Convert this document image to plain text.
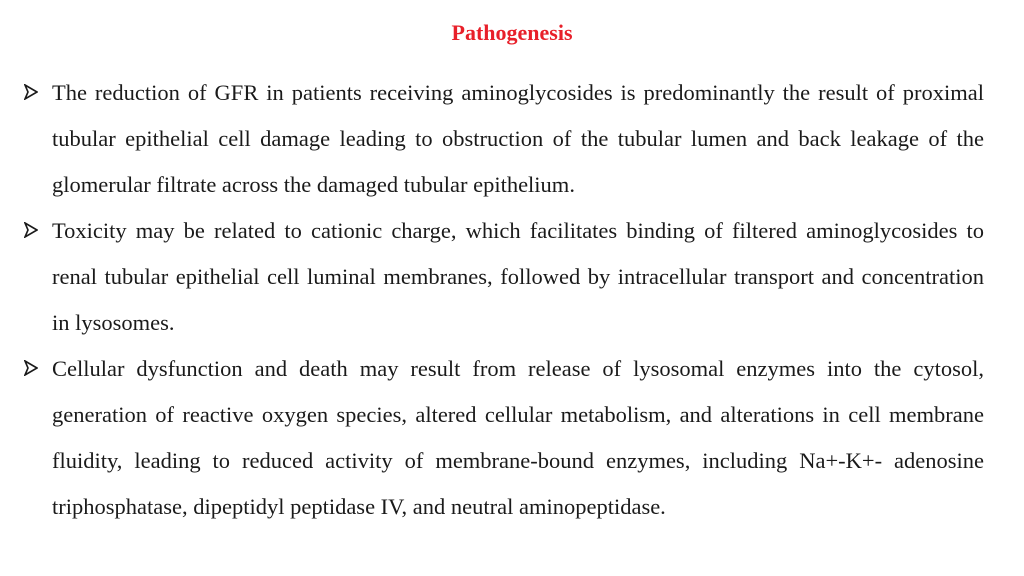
Pathogenesis
The reduction of GFR in patients receiving aminoglycosides is predominantly the result of proximal tubular epithelial cell damage leading to obstruction of the tubular lumen and back leakage of the glomerular filtrate across the damaged tubular epithelium.
Toxicity may be related to cationic charge, which facilitates binding of filtered aminoglycosides to renal tubular epithelial cell luminal membranes, followed by intracellular transport and concentration in lysosomes.
Cellular dysfunction and death may result from release of lysosomal enzymes into the cytosol, generation of reactive oxygen species, altered cellular metabolism, and alterations in cell membrane fluidity, leading to reduced activity of membrane-bound enzymes, including Na+-K+- adenosine triphosphatase, dipeptidyl peptidase IV, and neutral aminopeptidase.
